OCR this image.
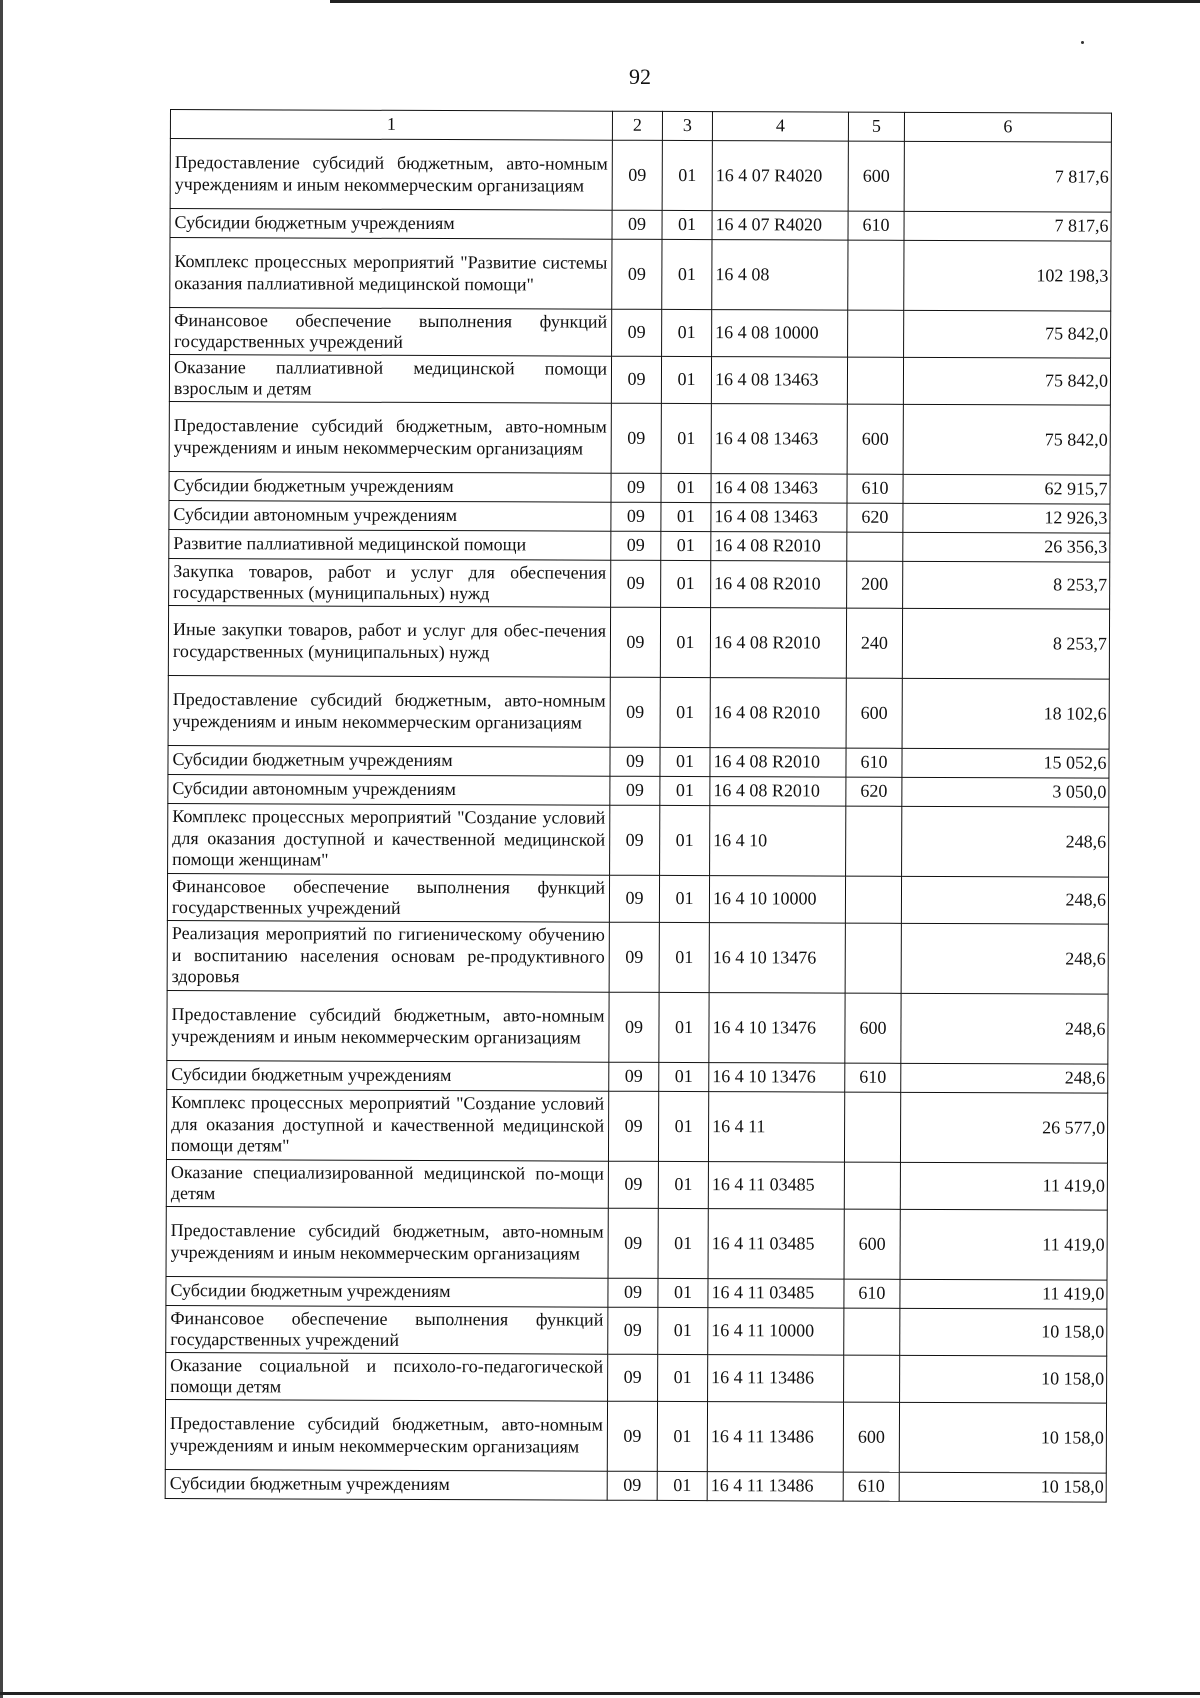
92
1	2	3	4	5	6
Предоставление субсидий бюджетным, авто-номным учреждениям и иным некоммерческим организациям	09	01	16 4 07 R4020	600	7 817,6
Субсидии бюджетным учреждениям	09	01	16 4 07 R4020	610	7 817,6
Комплекс процессных мероприятий "Развитие системы оказания паллиативной медицинской помощи"	09	01	16 4 08		102 198,3
Финансовое обеспечение выполнения функций государственных учреждений	09	01	16 4 08 10000		75 842,0
Оказание паллиативной медицинской помощи взрослым и детям	09	01	16 4 08 13463		75 842,0
Предоставление субсидий бюджетным, авто-номным учреждениям и иным некоммерческим организациям	09	01	16 4 08 13463	600	75 842,0
Субсидии бюджетным учреждениям	09	01	16 4 08 13463	610	62 915,7
Субсидии автономным учреждениям	09	01	16 4 08 13463	620	12 926,3
Развитие паллиативной медицинской помощи	09	01	16 4 08 R2010		26 356,3
Закупка товаров, работ и услуг для обеспечения государственных (муниципальных) нужд	09	01	16 4 08 R2010	200	8 253,7
Иные закупки товаров, работ и услуг для обес-печения государственных (муниципальных) нужд	09	01	16 4 08 R2010	240	8 253,7
Предоставление субсидий бюджетным, авто-номным учреждениям и иным некоммерческим организациям	09	01	16 4 08 R2010	600	18 102,6
Субсидии бюджетным учреждениям	09	01	16 4 08 R2010	610	15 052,6
Субсидии автономным учреждениям	09	01	16 4 08 R2010	620	3 050,0
Комплекс процессных мероприятий "Создание условий для оказания доступной и качественной медицинской помощи женщинам"	09	01	16 4 10		248,6
Финансовое обеспечение выполнения функций государственных учреждений	09	01	16 4 10 10000		248,6
Реализация мероприятий по гигиеническому обучению и воспитанию населения основам ре-продуктивного здоровья	09	01	16 4 10 13476		248,6
Предоставление субсидий бюджетным, авто-номным учреждениям и иным некоммерческим организациям	09	01	16 4 10 13476	600	248,6
Субсидии бюджетным учреждениям	09	01	16 4 10 13476	610	248,6
Комплекс процессных мероприятий "Создание условий для оказания доступной и качественной медицинской помощи детям"	09	01	16 4 11		26 577,0
Оказание специализированной медицинской по-мощи детям	09	01	16 4 11 03485		11 419,0
Предоставление субсидий бюджетным, авто-номным учреждениям и иным некоммерческим организациям	09	01	16 4 11 03485	600	11 419,0
Субсидии бюджетным учреждениям	09	01	16 4 11 03485	610	11 419,0
Финансовое обеспечение выполнения функций государственных учреждений	09	01	16 4 11 10000		10 158,0
Оказание социальной и психоло-го-педагогической помощи детям	09	01	16 4 11 13486		10 158,0
Предоставление субсидий бюджетным, авто-номным учреждениям и иным некоммерческим организациям	09	01	16 4 11 13486	600	10 158,0
Субсидии бюджетным учреждениям	09	01	16 4 11 13486	610	10 158,0
